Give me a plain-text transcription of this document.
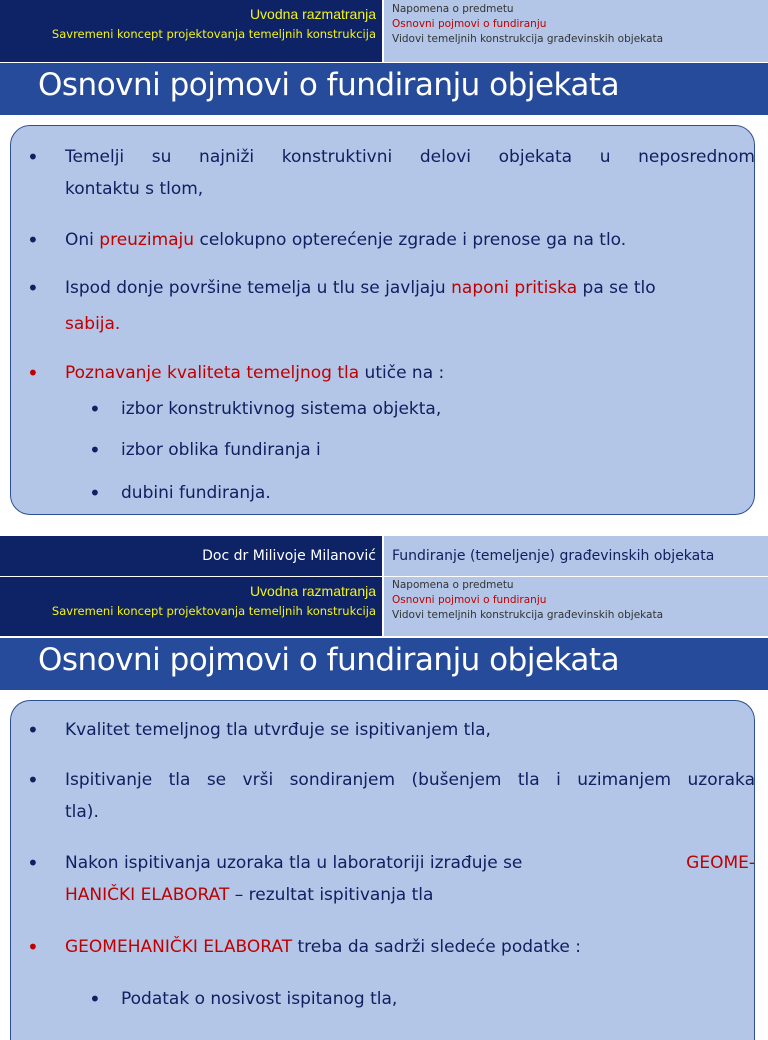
Uvodna razmatranja
Savremeni koncept projektovanja temeljnih konstrukcija
Napomena o predmetu
Osnovni pojmovi o fundiranju
Vidovi temeljnih konstrukcija građevinskih objekata
Osnovni pojmovi o fundiranju objekata
• Temelji su najniži konstruktivni delovi objekata u neposrednom
kontaktu s tlom,
• Oni preuzimaju celokupno opterećenje zgrade i prenose ga na tlo.
• Ispod donje površine temelja u tlu se javljaju naponi pritiska pa se tlo
sabija.
• Poznavanje kvaliteta temeljnog tla utiče na :
• izbor konstruktivnog sistema objekta,
• izbor oblika fundiranja i
• dubini fundiranja.
Doc dr Milivoje Milanović	Fundiranje (temeljenje) građevinskih objekata
Uvodna razmatranja
Savremeni koncept projektovanja temeljnih konstrukcija
Napomena o predmetu
Osnovni pojmovi o fundiranju
Vidovi temeljnih konstrukcija građevinskih objekata
Osnovni pojmovi o fundiranju objekata
• Kvalitet temeljnog tla utvrđuje se ispitivanjem tla,
• Ispitivanje tla se vrši sondiranjem (bušenjem tla i uzimanjem uzoraka
tla).
• Nakon ispitivanja uzoraka tla u laboratoriji izrađuje se	GEOME-
HANIČKI ELABORAT – rezultat ispitivanja tla
• GEOMEHANIČKI ELABORAT treba da sadrži sledeće podatke :
• Podatak o nosivost ispitanog tla,
